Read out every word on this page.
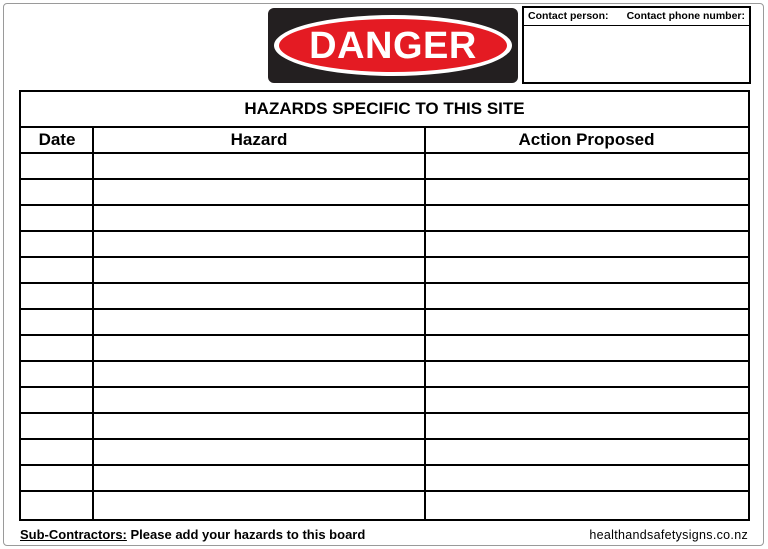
DANGER
Contact person: Contact phone number:
HAZARDS SPECIFIC TO THIS SITE
Date	Hazard	Action Proposed
Sub-Contractors: Please add your hazards to this board	healthandsafetysigns.co.nz
